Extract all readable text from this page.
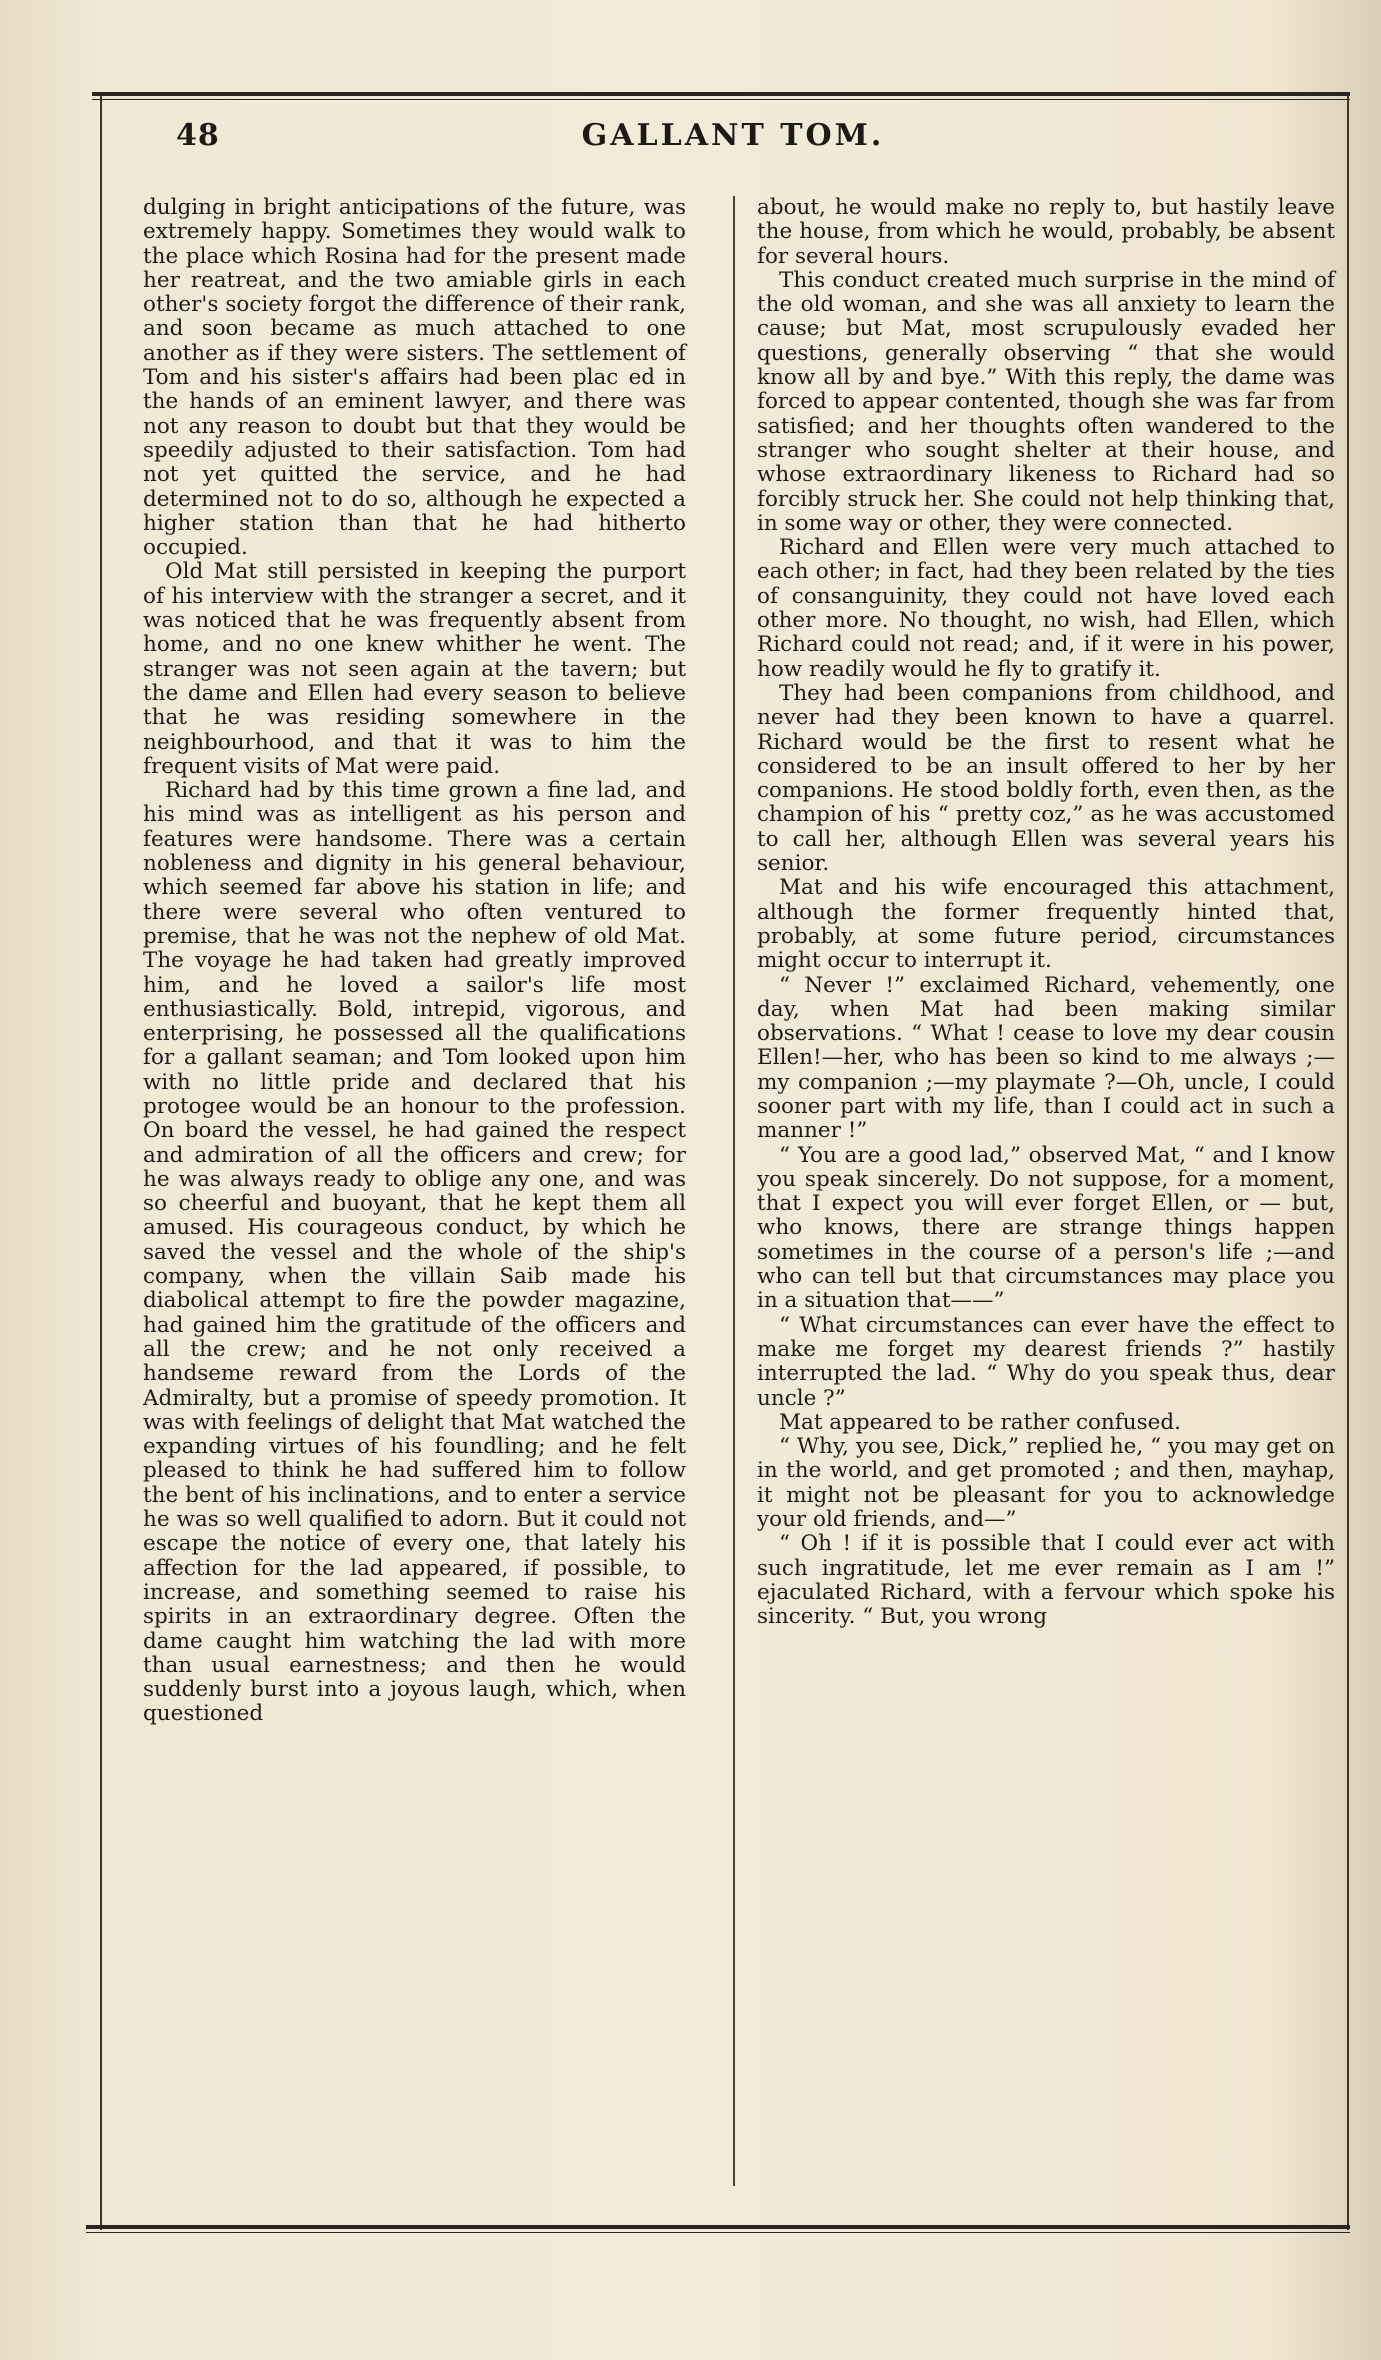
48	GALLANT TOM.

dulging in bright anticipations of the future, was extremely happy. Sometimes they would walk to the place which Rosina had for the present made her reatreat, and the two amiable girls in each other's society forgot the difference of their rank, and soon became as much attached to one another as if they were sisters. The settlement of Tom and his sister's affairs had been plac ed in the hands of an eminent lawyer, and there was not any reason to doubt but that they would be speedily adjusted to their satisfaction. Tom had not yet quitted the service, and he had determined not to do so, although he expected a higher station than that he had hitherto occupied.

Old Mat still persisted in keeping the purport of his interview with the stranger a secret, and it was noticed that he was frequently absent from home, and no one knew whither he went. The stranger was not seen again at the tavern; but the dame and Ellen had every season to believe that he was residing somewhere in the neighbourhood, and that it was to him the frequent visits of Mat were paid.

Richard had by this time grown a fine lad, and his mind was as intelligent as his person and features were handsome. There was a certain nobleness and dignity in his general behaviour, which seemed far above his station in life; and there were several who often ventured to premise, that he was not the nephew of old Mat. The voyage he had taken had greatly improved him, and he loved a sailor's life most enthusiastically. Bold, intrepid, vigorous, and enterprising, he possessed all the qualifications for a gallant seaman; and Tom looked upon him with no little pride and declared that his protogee would be an honour to the profession. On board the vessel, he had gained the respect and admiration of all the officers and crew; for he was always ready to oblige any one, and was so cheerful and buoyant, that he kept them all amused. His courageous conduct, by which he saved the vessel and the whole of the ship's company, when the villain Saib made his diabolical attempt to fire the powder magazine, had gained him the gratitude of the officers and all the crew; and he not only received a handseme reward from the Lords of the Admiralty, but a promise of speedy promotion. It was with feelings of delight that Mat watched the expanding virtues of his foundling; and he felt pleased to think he had suffered him to follow the bent of his inclinations, and to enter a service he was so well qualified to adorn. But it could not escape the notice of every one, that lately his affection for the lad appeared, if possible, to increase, and something seemed to raise his spirits in an extraordinary degree. Often the dame caught him watching the lad with more than usual earnestness; and then he would suddenly burst into a joyous laugh, which, when questioned

about, he would make no reply to, but hastily leave the house, from which he would, probably, be absent for several hours.

This conduct created much surprise in the mind of the old woman, and she was all anxiety to learn the cause; but Mat, most scrupulously evaded her questions, generally observing “ that she would know all by and bye.” With this reply, the dame was forced to appear contented, though she was far from satisfied; and her thoughts often wandered to the stranger who sought shelter at their house, and whose extraordinary likeness to Richard had so forcibly struck her. She could not help thinking that, in some way or other, they were connected.

Richard and Ellen were very much attached to each other; in fact, had they been related by the ties of consanguinity, they could not have loved each other more. No thought, no wish, had Ellen, which Richard could not read; and, if it were in his power, how readily would he fly to gratify it.

They had been companions from childhood, and never had they been known to have a quarrel. Richard would be the first to resent what he considered to be an insult offered to her by her companions. He stood boldly forth, even then, as the champion of his “ pretty coz,” as he was accustomed to call her, although Ellen was several years his senior.

Mat and his wife encouraged this attachment, although the former frequently hinted that, probably, at some future period, circumstances might occur to interrupt it.

“ Never !” exclaimed Richard, vehemently, one day, when Mat had been making similar observations. “ What ! cease to love my dear cousin Ellen!—her, who has been so kind to me always ;—my companion ;—my playmate ?—Oh, uncle, I could sooner part with my life, than I could act in such a manner !”

“ You are a good lad,” observed Mat, “ and I know you speak sincerely. Do not suppose, for a moment, that I expect you will ever forget Ellen, or — but, who knows, there are strange things happen sometimes in the course of a person's life ;—and who can tell but that circumstances may place you in a situation that——”

“ What circumstances can ever have the effect to make me forget my dearest friends ?” hastily interrupted the lad. “ Why do you speak thus, dear uncle ?”

Mat appeared to be rather confused.

“ Why, you see, Dick,” replied he, “ you may get on in the world, and get promoted ; and then, mayhap, it might not be pleasant for you to acknowledge your old friends, and—”

“ Oh ! if it is possible that I could ever act with such ingratitude, let me ever remain as I am !” ejaculated Richard, with a fervour which spoke his sincerity. “ But, you wrong
